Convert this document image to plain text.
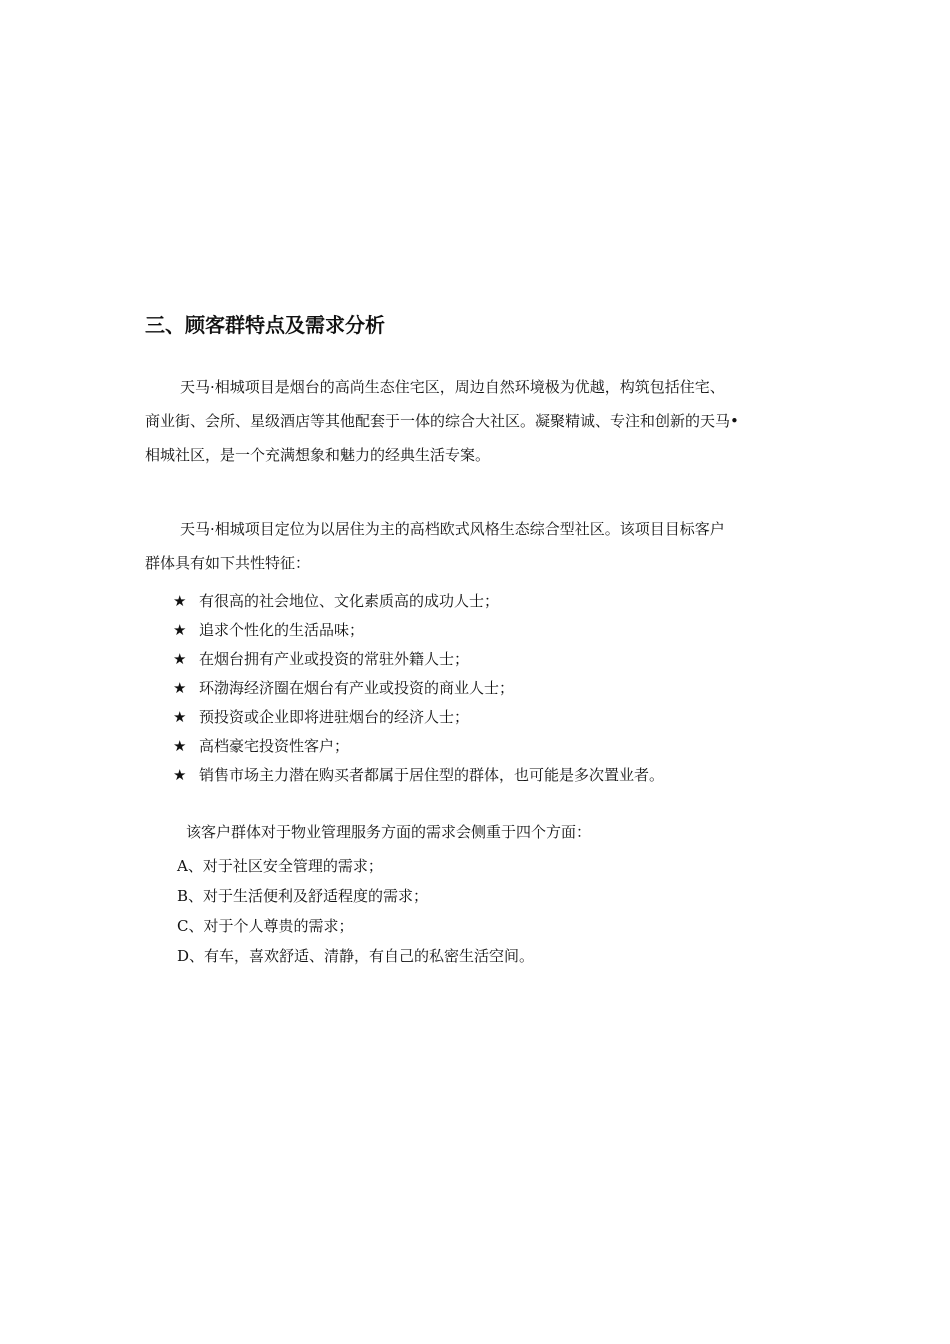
三、顾客群特点及需求分析
天马·相城项目是烟台的高尚生态住宅区，周边自然环境极为优越，构筑包括住宅、
商业街、会所、星级酒店等其他配套于一体的综合大社区。凝聚精诚、专注和创新的天马•
相城社区，是一个充满想象和魅力的经典生活专案。
天马·相城项目定位为以居住为主的高档欧式风格生态综合型社区。该项目目标客户
群体具有如下共性特征：
★ 有很高的社会地位、文化素质高的成功人士；
★ 追求个性化的生活品味；
★ 在烟台拥有产业或投资的常驻外籍人士；
★ 环渤海经济圈在烟台有产业或投资的商业人士；
★ 预投资或企业即将进驻烟台的经济人士；
★ 高档豪宅投资性客户；
★ 销售市场主力潜在购买者都属于居住型的群体，也可能是多次置业者。
该客户群体对于物业管理服务方面的需求会侧重于四个方面：
A、对于社区安全管理的需求；
B、对于生活便利及舒适程度的需求；
C、对于个人尊贵的需求；
D、有车，喜欢舒适、清静，有自己的私密生活空间。
